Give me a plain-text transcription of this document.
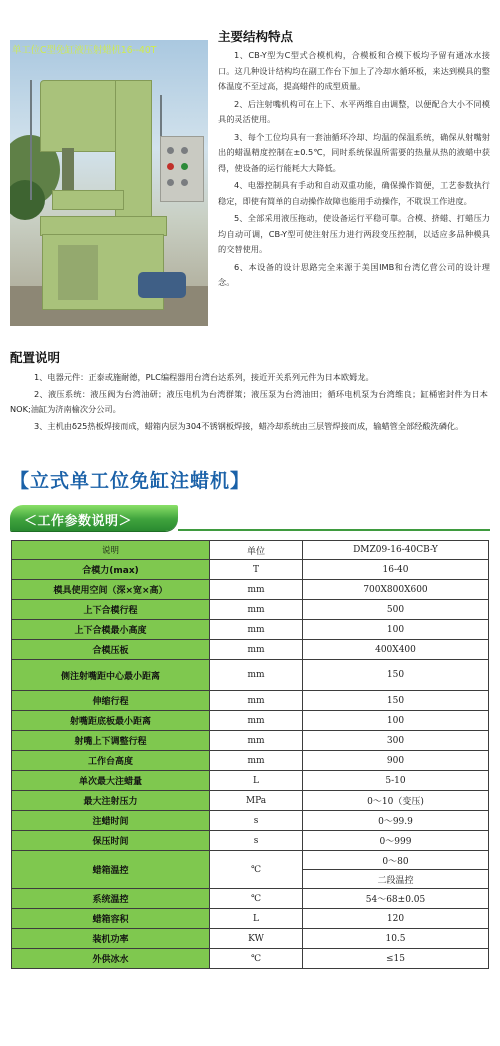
单工位C型免缸液压射蜡机16--40T
主要结构特点

1、CB-Y型为C型式合模机构，合模板和合模下板均予留有通冰水接口。这几种设计结构均在副工作台下加上了冷却水循环板，来达到模具的整体温度不至过高，提高蜡件的成型质量。

2、后注射嘴机构可在上下、水平两维自由调整，以便配合大小不同模具的灵活使用。

3、每个工位均具有一套油循环冷却、均温的保温系统，确保从射嘴射出的蜡温精度控制在±0.5℃，同时系统保温所需要的热量从热的液蜡中获得，使设备的运行能耗大大降低。

4、电器控制具有手动和自动双重功能，确保操作简便，工艺参数执行稳定，即使有简单的自动操作故障也能用手动操作，不耽误工作进度。

5、全部采用液压拖动，使设备运行平稳可靠。合模、挤蜡、打蜡压力均自动可调，CB-Y型可使注射压力进行两段变压控制，以适应多品种模具的交替使用。

6、本设备的设计思路完全来源于美国IMB和台湾亿营公司的设计理念。

配置说明

1、电器元件：正泰或施耐德，PLC编程器用台湾台达系列，接近开关系列元件为日本欧姆龙。

2、液压系统：液压阀为台湾油研；液压电机为台湾群策；液压泵为台湾油田；循环电机泵为台湾维良；缸桶密封件为日本NOK;油缸为济南榆次分公司。

3、主机由δ25热板焊接而成，蜡箱内层为304不锈钢板焊接，蜡冷却系统由三层管焊接而成，输蜡管全部经酸洗磷化。

【立式单工位免缸注蜡机】
＜工作参数说明＞
说明	单位	DMZ09-16-40CB-Y
合模力(max)	T	16-40
模具使用空间（深×宽×高）	mm	700X800X600
上下合模行程	mm	500
上下合模最小高度	mm	100
合模压板	mm	400X400
侧注射嘴距中心最小距离	mm	150
伸缩行程	mm	150
射嘴距底板最小距离	mm	100
射嘴上下调整行程	mm	300
工作台高度	mm	900
单次最大注蜡量	L	5-10
最大注射压力	MPa	0～10（变压)
注蜡时间	s	0～99.9
保压时间	s	0～999
蜡箱温控	℃	0～80
		二段温控
系统温控	℃	54～68±0.05
蜡箱容积	L	120
装机功率	KW	10.5
外供冰水	℃	≤15
